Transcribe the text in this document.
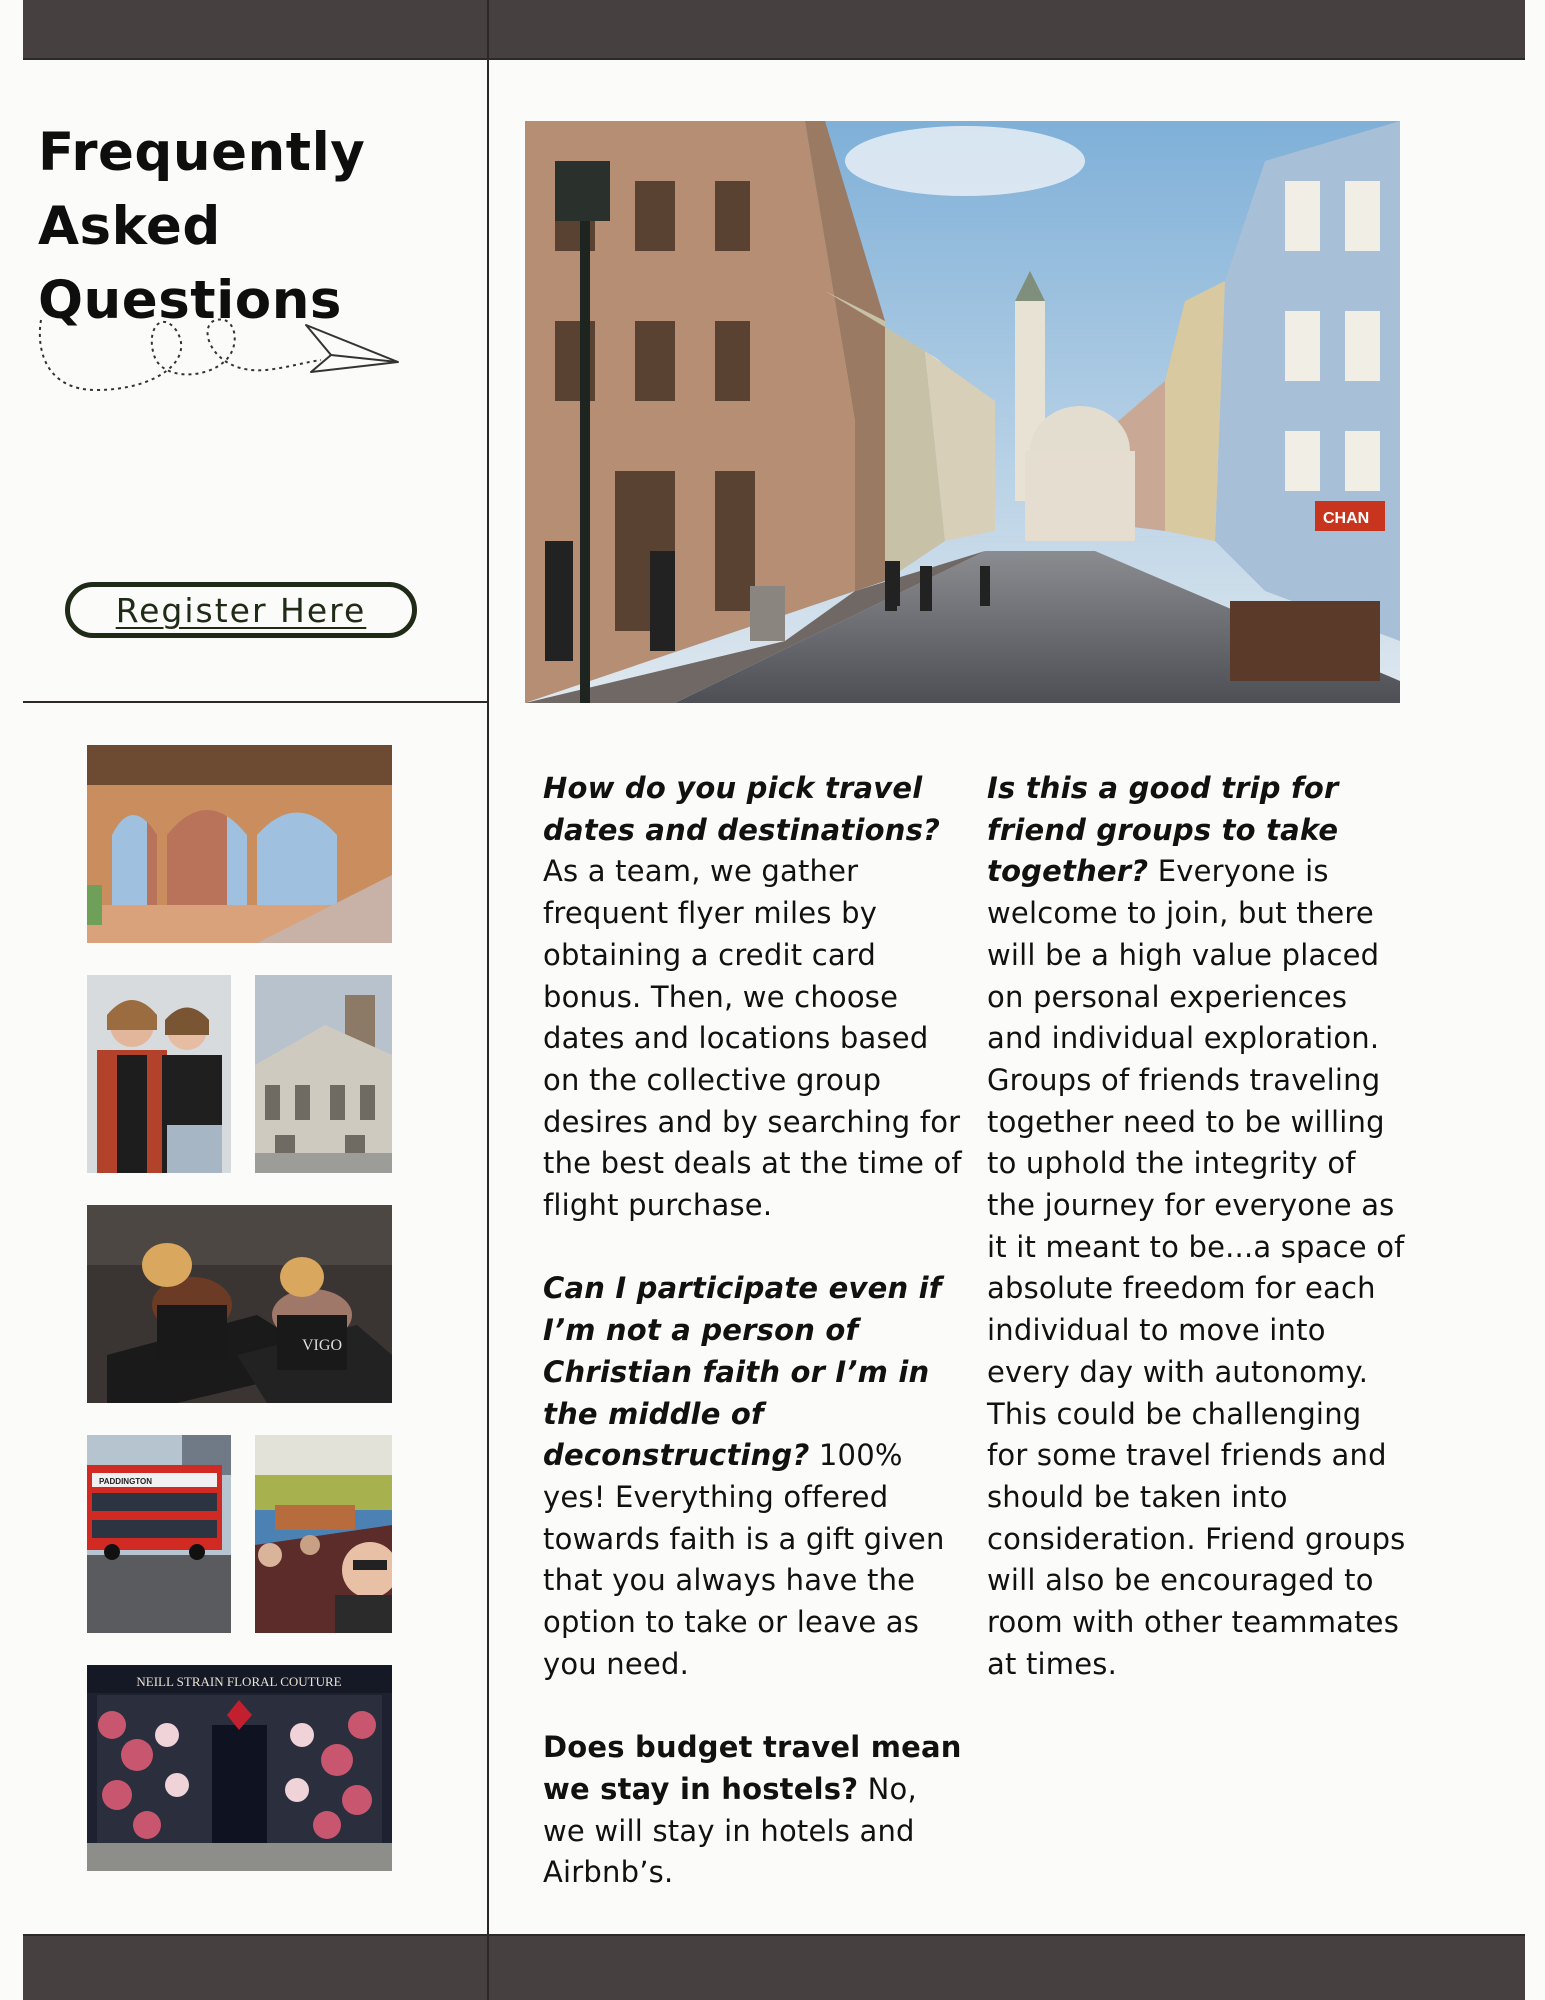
Frequently
Asked
Questions
Register Here
CHAN
VIGO
PADDINGTON
NEILL STRAIN FLORAL COUTURE

How do you pick travel dates and destinations? As a team, we gather frequent flyer miles by obtaining a credit card bonus. Then, we choose dates and locations based on the collective group desires and by searching for the best deals at the time of flight purchase.

Can I participate even if I’m not a person of Christian faith or I’m in the middle of deconstructing? 100% yes! Everything offered towards faith is a gift given that you always have the option to take or leave as you need.

Does budget travel mean we stay in hostels? No, we will stay in hotels and Airbnb’s.

Is this a good trip for friend groups to take together? Everyone is welcome to join, but there will be a high value placed on personal experiences and individual exploration. Groups of friends traveling together need to be willing to uphold the integrity of the journey for everyone as it it meant to be...a space of absolute freedom for each individual to move into every day with autonomy. This could be challenging for some travel friends and should be taken into consideration. Friend groups will also be encouraged to room with other teammates at times.
